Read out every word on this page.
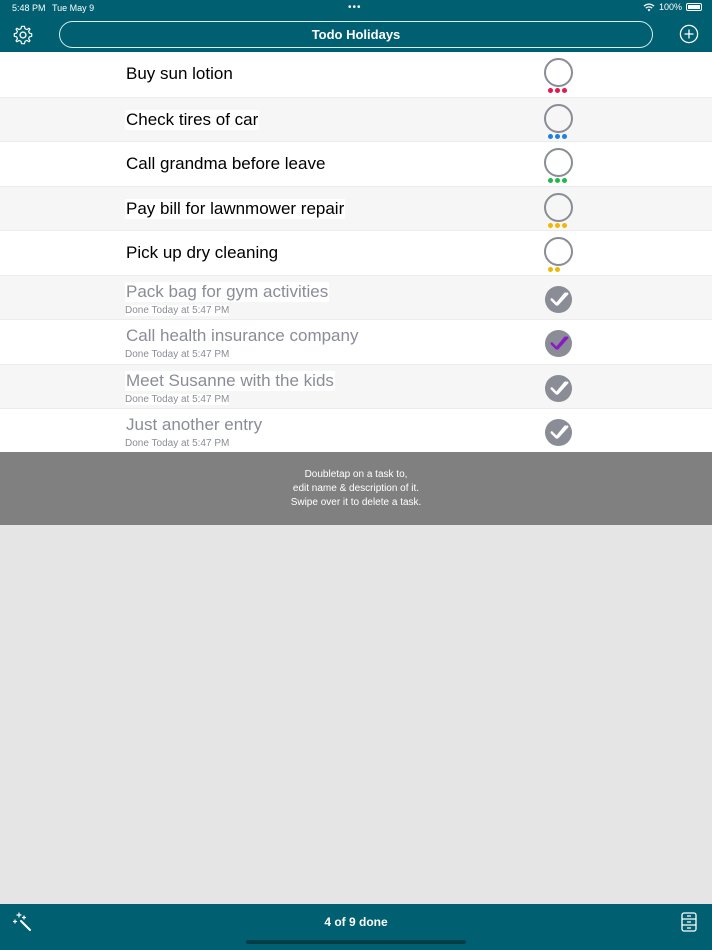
5:48 PM Tue May 9	•••	100%
Todo Holidays
Buy sun lotion
Check tires of car
Call grandma before leave
Pay bill for lawnmower repair
Pick up dry cleaning
Pack bag for gym activities
Done Today at 5:47 PM
Call health insurance company
Done Today at 5:47 PM
Meet Susanne with the kids
Done Today at 5:47 PM
Just another entry
Done Today at 5:47 PM
Doubletap on a task to,
edit name & description of it.
Swipe over it to delete a task.
4 of 9 done
